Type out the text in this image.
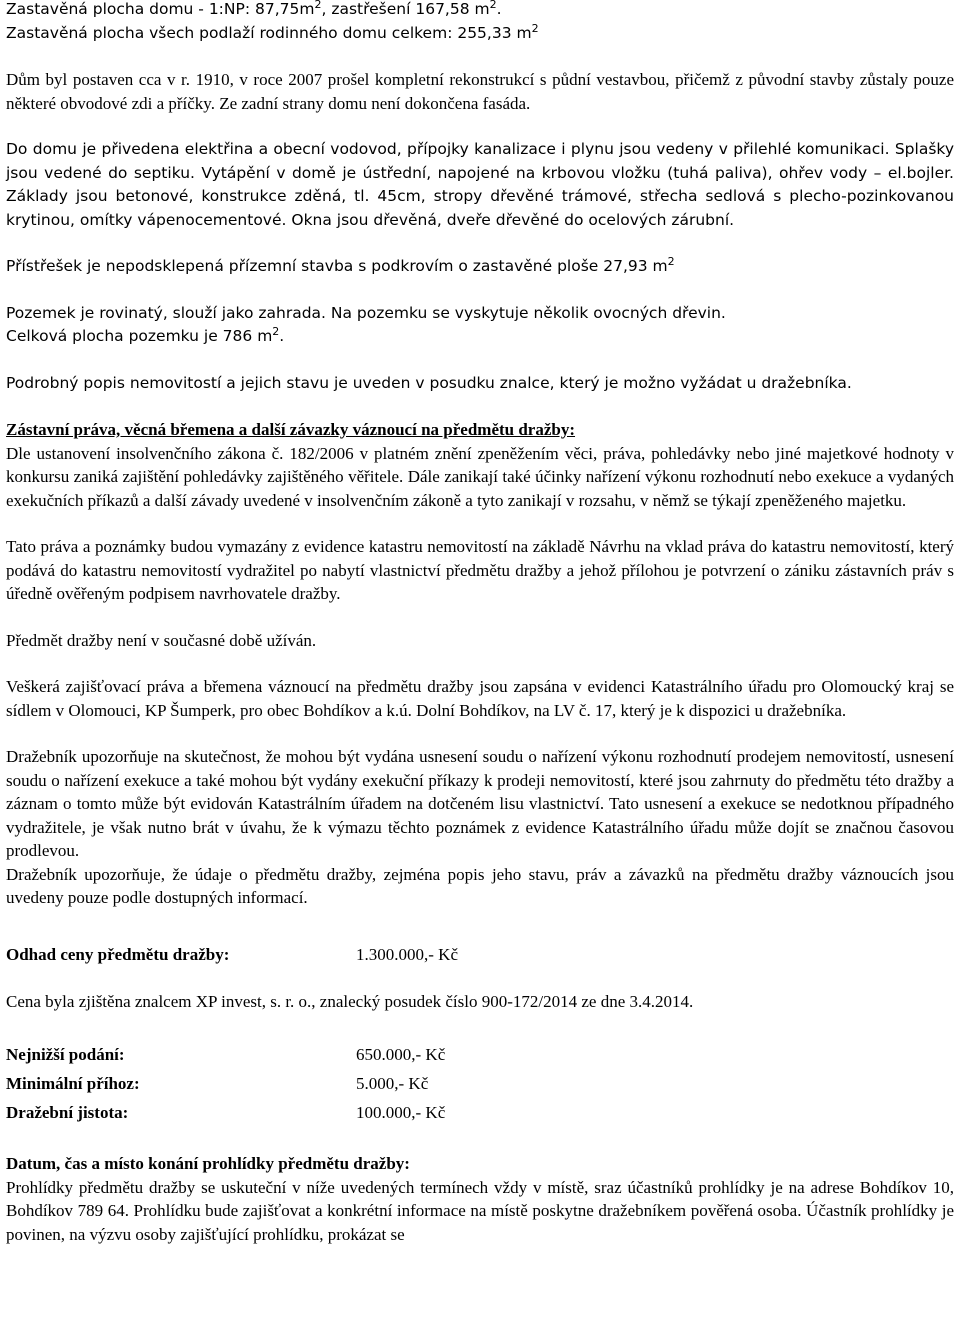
Zastavěná plocha domu - 1:NP: $87,75m^2$, zastřešení 167,58 $m^2$.

Zastavěná plocha všech podlaží rodinného domu celkem: 255,33 $m^2$

Dům byl postaven cca v r. 1910, v roce 2007 prošel kompletní rekonstrukcí s půdní vestavbou, přičemž z původní stavby zůstaly pouze některé obvodové zdi a příčky. Ze zadní strany domu není dokončena fasáda.

Do domu je přivedena elektřina a obecní vodovod, přípojky kanalizace i plynu jsou vedeny v přilehlé komunikaci. Splašky jsou vedené do septiku. Vytápění v domě je ústřední, napojené na krbovou vložku (tuhá paliva), ohřev vody – el.bojler. Základy jsou betonové, konstrukce zděná, tl. 45cm, stropy dřevěné trámové, střecha sedlová s plecho-pozinkovanou krytinou, omítky vápenocementové. Okna jsou dřevěná, dveře dřevěné do ocelových zárubní.

Přístřešek je nepodsklepená přízemní stavba s podkrovím o zastavěné ploše 27,93 $m^2$

Pozemek je rovinatý, slouží jako zahrada. Na pozemku se vyskytuje několik ovocných dřevin.

Celková plocha pozemku je 786 $m^2$.

Podrobný popis nemovitostí a jejich stavu je uveden v posudku znalce, který je možno vyžádat u dražebníka.

Zástavní práva, věcná břemena a další závazky váznoucí na předmětu dražby:

Dle ustanovení insolvenčního zákona č. 182/2006 v platném znění zpeněžením věci, práva, pohledávky nebo jiné majetkové hodnoty v konkursu zaniká zajištění pohledávky zajištěného věřitele. Dále zanikají také účinky nařízení výkonu rozhodnutí nebo exekuce a vydaných exekučních příkazů a další závady uvedené v insolvenčním zákoně a tyto zanikají v rozsahu, v němž se týkají zpeněženého majetku.

Tato práva a poznámky budou vymazány z evidence katastru nemovitostí na základě Návrhu na vklad práva do katastru nemovitostí, který podává do katastru nemovitostí vydražitel po nabytí vlastnictví předmětu dražby a jehož přílohou je potvrzení o zániku zástavních práv s úředně ověřeným podpisem navrhovatele dražby.

Předmět dražby není v současné době užíván.

Veškerá zajišťovací práva a břemena váznoucí na předmětu dražby jsou zapsána v evidenci Katastrálního úřadu pro Olomoucký kraj se sídlem v Olomouci, KP Šumperk, pro obec Bohdíkov a k.ú. Dolní Bohdíkov, na LV č. 17, který je k dispozici u dražebníka.

Dražebník upozorňuje na skutečnost, že mohou být vydána usnesení soudu o nařízení výkonu rozhodnutí prodejem nemovitostí, usnesení soudu o nařízení exekuce a také mohou být vydány exekuční příkazy k prodeji nemovitostí, které jsou zahrnuty do předmětu této dražby a záznam o tomto může být evidován Katastrálním úřadem na dotčeném lisu vlastnictví. Tato usnesení a exekuce se nedotknou případného vydražitele, je však nutno brát v úvahu, že k výmazu těchto poznámek z evidence Katastrálního úřadu může dojít se značnou časovou prodlevou.

Dražebník upozorňuje, že údaje o předmětu dražby, zejména popis jeho stavu, práv a závazků na předmětu dražby váznoucích jsou uvedeny pouze podle dostupných informací.

Odhad ceny předmětu dražby:	1.300.000,- Kč

Cena byla zjištěna znalcem XP invest, s. r. o., znalecký posudek číslo 900-172/2014 ze dne 3.4.2014.

Nejnižší podání:	650.000,- Kč
Minimální příhoz:	5.000,- Kč
Dražební jistota:	100.000,- Kč

Datum, čas a místo konání prohlídky předmětu dražby:

Prohlídky předmětu dražby se uskuteční v níže uvedených termínech vždy v místě, sraz účastníků prohlídky je na adrese Bohdíkov 10, Bohdíkov 789 64. Prohlídku bude zajišťovat a konkrétní informace na místě poskytne dražebníkem pověřená osoba. Účastník prohlídky je povinen, na výzvu osoby zajišťující prohlídku, prokázat se
